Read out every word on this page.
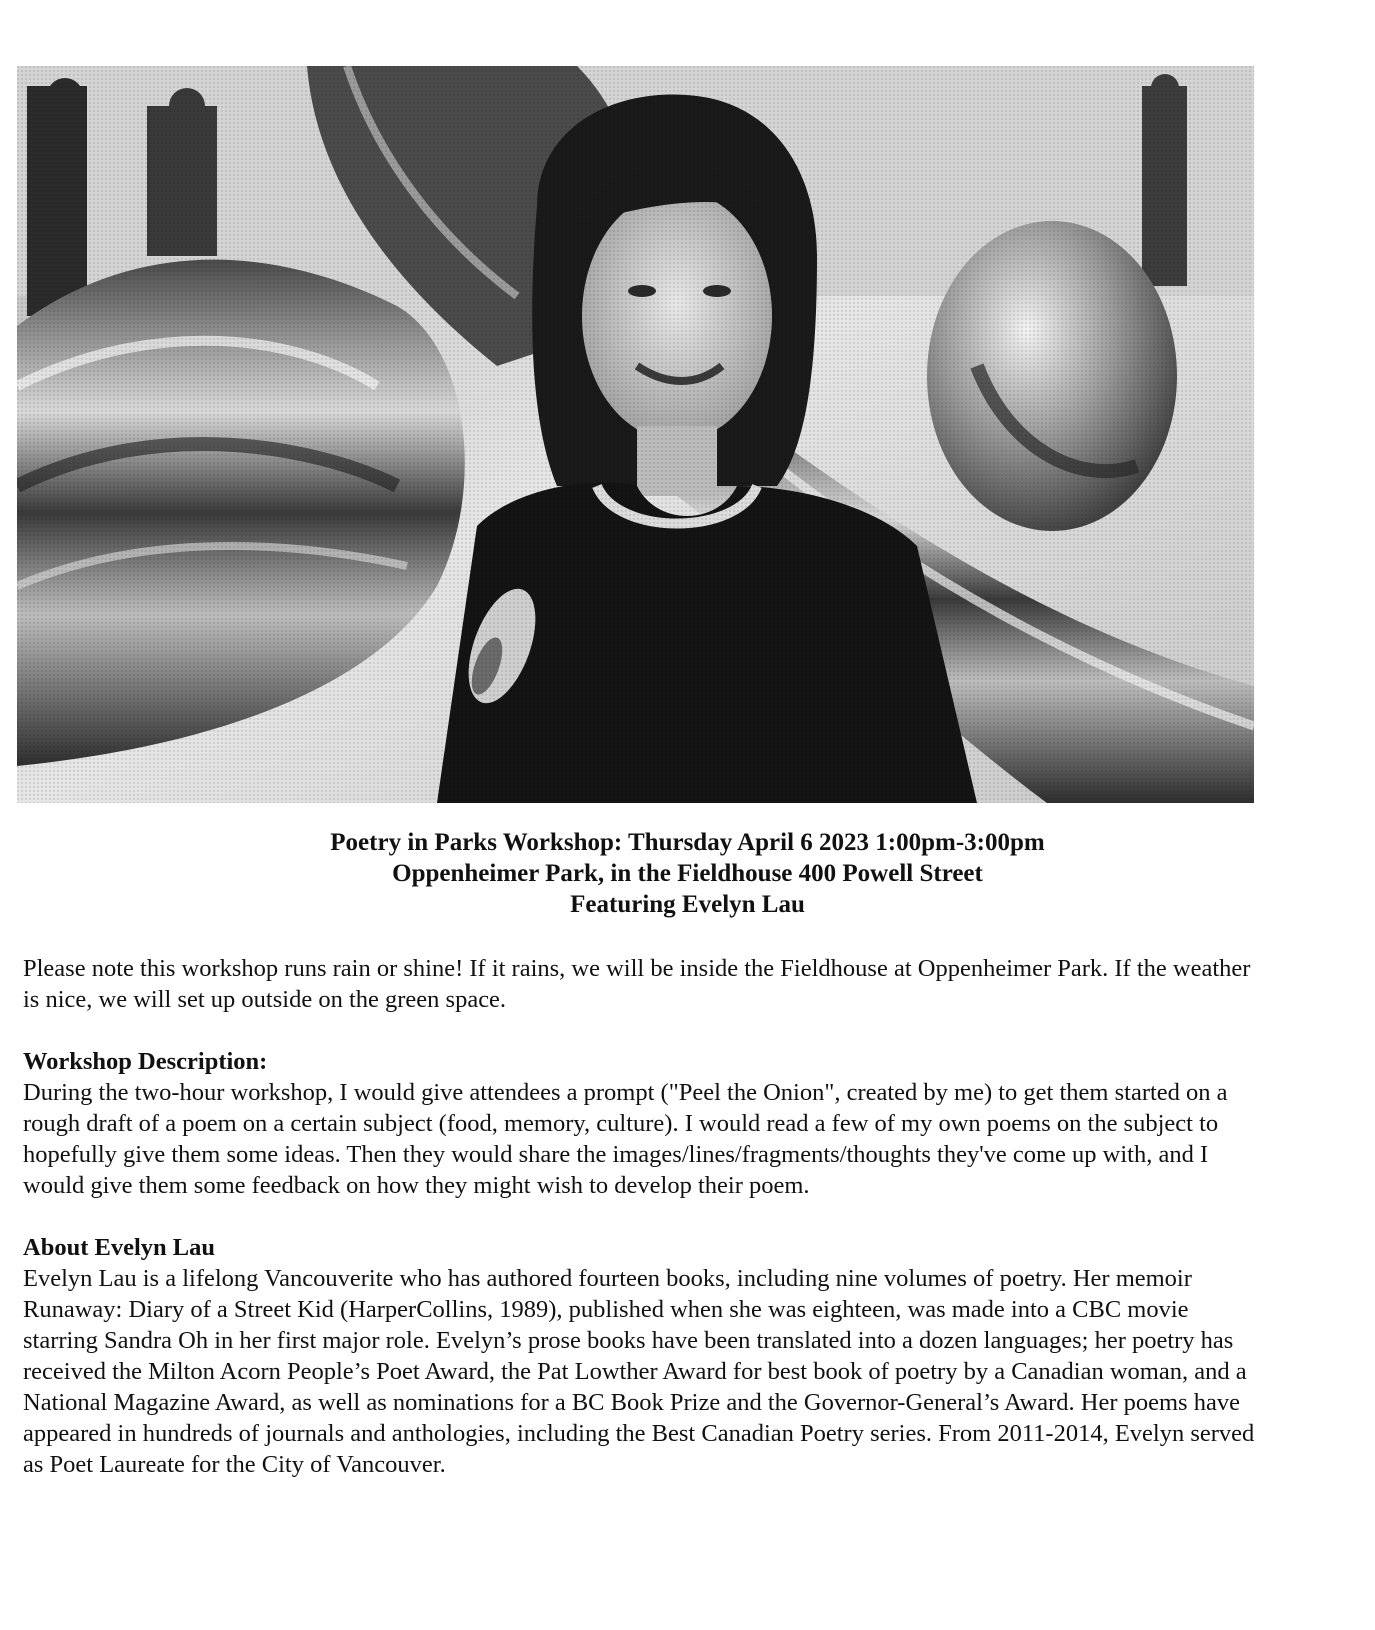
Poetry in Parks Workshop: Thursday April 6 2023 1:00pm-3:00pm
Oppenheimer Park, in the Fieldhouse 400 Powell Street
Featuring Evelyn Lau

Please note this workshop runs rain or shine! If it rains, we will be inside the Fieldhouse at Oppenheimer Park. If the weather is nice, we will set up outside on the green space.

Workshop Description:

During the two-hour workshop, I would give attendees a prompt ("Peel the Onion", created by me) to get them started on a rough draft of a poem on a certain subject (food, memory, culture). I would read a few of my own poems on the subject to hopefully give them some ideas. Then they would share the images/lines/fragments/thoughts they've come up with, and I would give them some feedback on how they might wish to develop their poem.

About Evelyn Lau

Evelyn Lau is a lifelong Vancouverite who has authored fourteen books, including nine volumes of poetry. Her memoir Runaway: Diary of a Street Kid (HarperCollins, 1989), published when she was eighteen, was made into a CBC movie starring Sandra Oh in her first major role. Evelyn’s prose books have been translated into a dozen languages; her poetry has received the Milton Acorn People’s Poet Award, the Pat Lowther Award for best book of poetry by a Canadian woman, and a National Magazine Award, as well as nominations for a BC Book Prize and the Governor-General’s Award. Her poems have appeared in hundreds of journals and anthologies, including the Best Canadian Poetry series. From 2011-2014, Evelyn served as Poet Laureate for the City of Vancouver.
